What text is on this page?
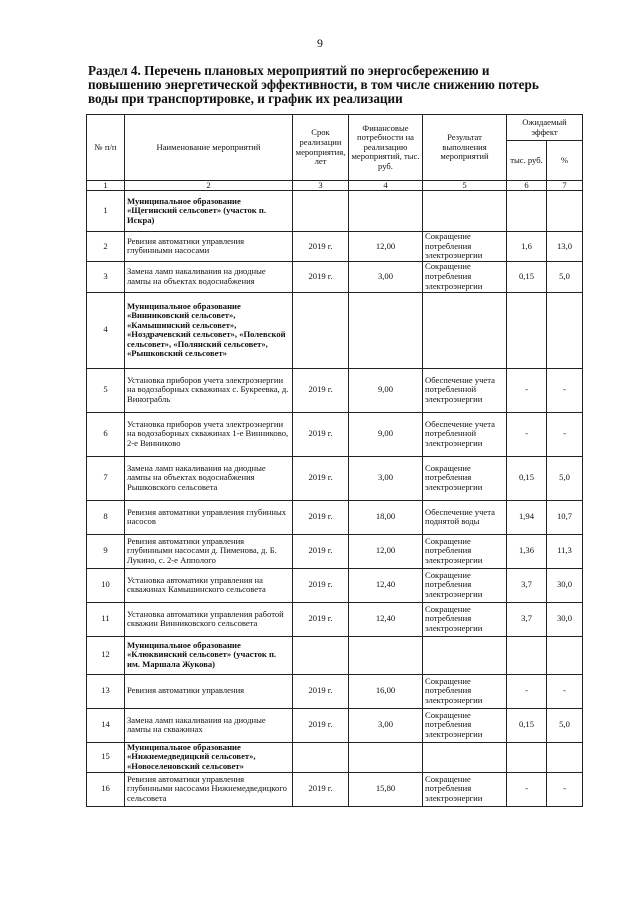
9
Раздел 4. Перечень плановых мероприятий по энергосбережению и
повышению энергетической эффективности, в том числе снижению потерь
воды при транспортировке, и график их реализации
№ п/п	Наименование мероприятий	Срок реализации мероприятия, лет	Финансовые потребности на реализацию мероприятий, тыс. руб.	Результат выполнения мероприятий	Ожидаемый эффект	
					тыс. руб.	%
1	2	3	4	5	6	7
1	Муниципальное образование «Щегинский сельсовет» (участок п. Искра)					
2	Ревизия автоматики управления глубинными насосами	2019 г.	12,00	Сокращение потребления электроэнергии	1,6	13,0
3	Замена ламп накаливания на диодные лампы на объектах водоснабжения	2019 г.	3,00	Сокращение потребления электроэнергии	0,15	5,0
4	Муниципальное образование «Винниковский сельсовет», «Камышинский сельсовет», «Ноздрачевский сельсовет», «Полевской сельсовет», «Полянский сельсовет», «Рышковский сельсовет»					
5	Установка приборов учета электроэнергии на водозаборных скважинах с. Букреевка, д. Винограбль	2019 г.	9,00	Обеспечение учета потребленной электроэнергии	-	-
6	Установка приборов учета электроэнергии на водозаборных скважинах 1-е Винниково, 2-е Винниково	2019 г.	9,00	Обеспечение учета потребленной электроэнергии	-	-
7	Замена ламп накаливания на диодные лампы на объектах водоснабжения Рышковского сельсовета	2019 г.	3,00	Сокращение потребления электроэнергии	0,15	5,0
8	Ревизия автоматики управления глубинных насосов	2019 г.	18,00	Обеспечение учета поднятой воды	1,94	10,7
9	Ревизия автоматики управления глубинными насосами д. Пименова, д. Б. Лукино, с. 2-е Апполого	2019 г.	12,00	Сокращение потребления электроэнергии	1,36	11,3
10	Установка автоматики управления на скважинах Камышинского сельсовета	2019 г.	12,40	Сокращение потребления электроэнергии	3,7	30,0
11	Установка автоматики управления работой скважин Винниковского сельсовета	2019 г.	12,40	Сокращение потребления электроэнергии	3,7	30,0
12	Муниципальное образование «Клюквинский сельсовет» (участок п. им. Маршала Жукова)					
13	Ревизия автоматики управления	2019 г.	16,00	Сокращение потребления электроэнергии	-	-
14	Замена ламп накаливания на диодные лампы на скважинах	2019 г.	3,00	Сокращение потребления электроэнергии	0,15	5,0
15	Муниципальное образование «Нижнемедведицкий сельсовет», «Новоселеновский сельсовет»					
16	Ревизия автоматики управления глубинными насосами Нижнемедведицкого сельсовета	2019 г.	15,80	Сокращение потребления электроэнергии	-	-
